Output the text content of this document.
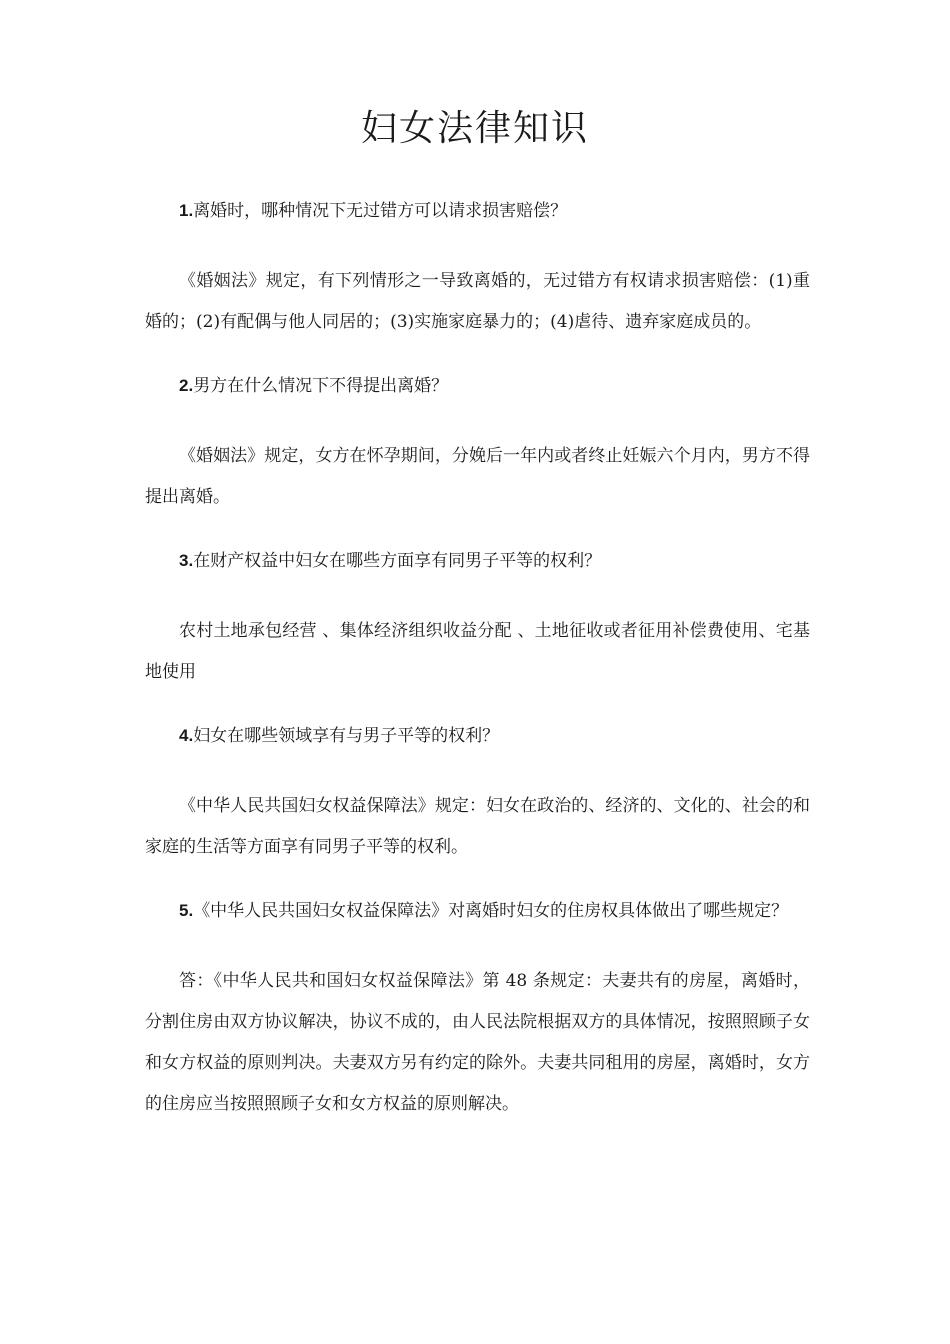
妇女法律知识

1.离婚时，哪种情况下无过错方可以请求损害赔偿？

《婚姻法》规定，有下列情形之一导致离婚的，无过错方有权请求损害赔偿：(1)重婚的；(2)有配偶与他人同居的；(3)实施家庭暴力的；(4)虐待、遗弃家庭成员的。

2.男方在什么情况下不得提出离婚？

《婚姻法》规定，女方在怀孕期间，分娩后一年内或者终止妊娠六个月内，男方不得提出离婚。

3.在财产权益中妇女在哪些方面享有同男子平等的权利？

农村土地承包经营 、集体经济组织收益分配 、土地征收或者征用补偿费使用、宅基地使用

4.妇女在哪些领域享有与男子平等的权利？

《中华人民共国妇女权益保障法》规定：妇女在政治的、经济的、文化的、社会的和家庭的生活等方面享有同男子平等的权利。

5.《中华人民共国妇女权益保障法》对离婚时妇女的住房权具体做出了哪些规定？

答：《中华人民共和国妇女权益保障法》第 48 条规定：夫妻共有的房屋，离婚时，分割住房由双方协议解决，协议不成的，由人民法院根据双方的具体情况，按照照顾子女和女方权益的原则判决。夫妻双方另有约定的除外。夫妻共同租用的房屋，离婚时，女方的住房应当按照照顾子女和女方权益的原则解决。
